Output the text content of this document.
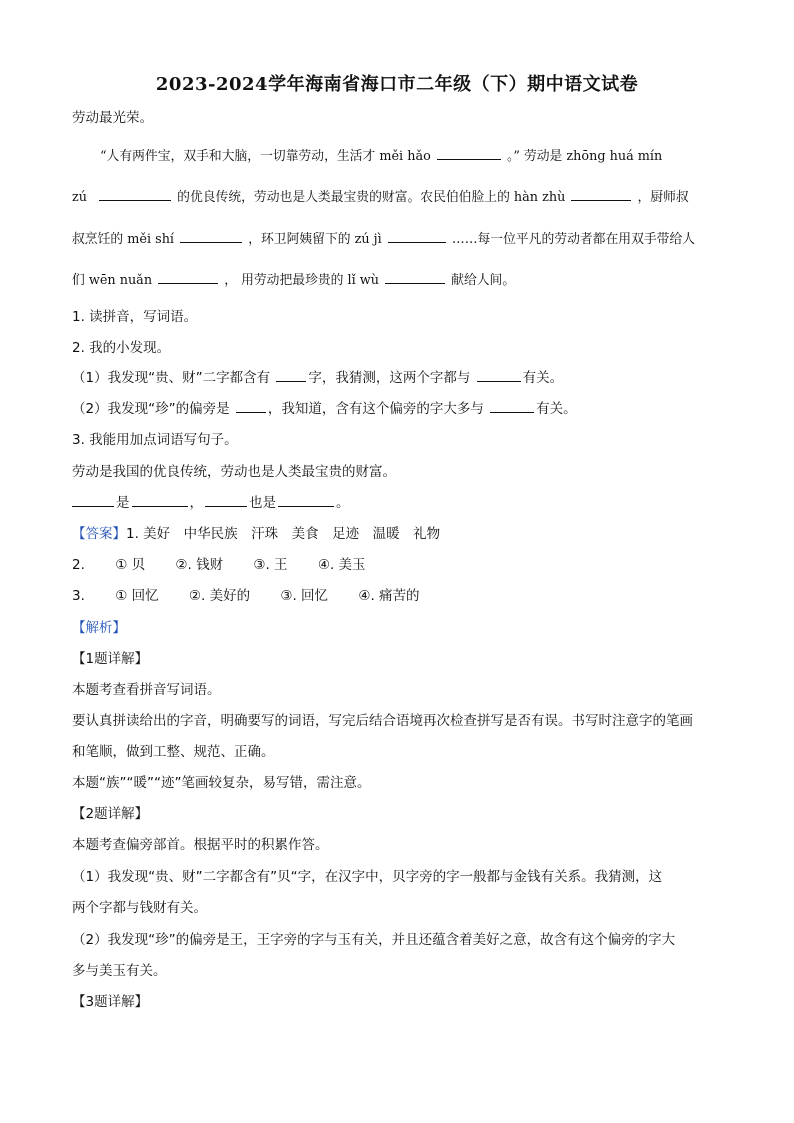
2023-2024学年海南省海口市二年级（下）期中语文试卷
劳动最光荣。
“人有两件宝，双手和大脑，一切靠劳动，生活才 měi hǎo	。” 劳动是 zhōng huá mín
zú	的优良传统，劳动也是人类最宝贵的财富。农民伯伯脸上的 hàn zhù	，厨师叔
叔烹饪的 měi shí	，环卫阿姨留下的 zú jì	……每一位平凡的劳动者都在用双手带给人
们 wēn nuǎn	， 用劳动把最珍贵的 lǐ wù	献给人间。
1. 读拼音，写词语。
2. 我的小发现。
（1）我发现“贵、财”二字都含有	字，我猜测，这两个字都与	有关。
（2）我发现“珍”的偏旁是	，我知道，含有这个偏旁的字大多与	有关。
3. 我能用加点词语写句子。
劳动是我国的优良传统，劳动也是人类最宝贵的财富。
是	，	也是	。
【答案】1. 美好　中华民族　汗珠　美食　足迹　温暖　礼物
2. ① 贝 ②. 钱财 ③. 王 ④. 美玉
3. ① 回忆 ②. 美好的 ③. 回忆 ④. 痛苦的
【解析】
【1题详解】
本题考查看拼音写词语。
要认真拼读给出的字音，明确要写的词语，写完后结合语境再次检查拼写是否有误。书写时注意字的笔画
和笔顺，做到工整、规范、正确。
本题“族”“暖”“迹”笔画较复杂，易写错，需注意。
【2题详解】
本题考查偏旁部首。根据平时的积累作答。
（1）我发现“贵、财”二字都含有”贝“字，在汉字中，贝字旁的字一般都与金钱有关系。我猜测，这
两个字都与钱财有关。
（2）我发现“珍”的偏旁是王，王字旁的字与玉有关，并且还蕴含着美好之意，故含有这个偏旁的字大
多与美玉有关。
【3题详解】
